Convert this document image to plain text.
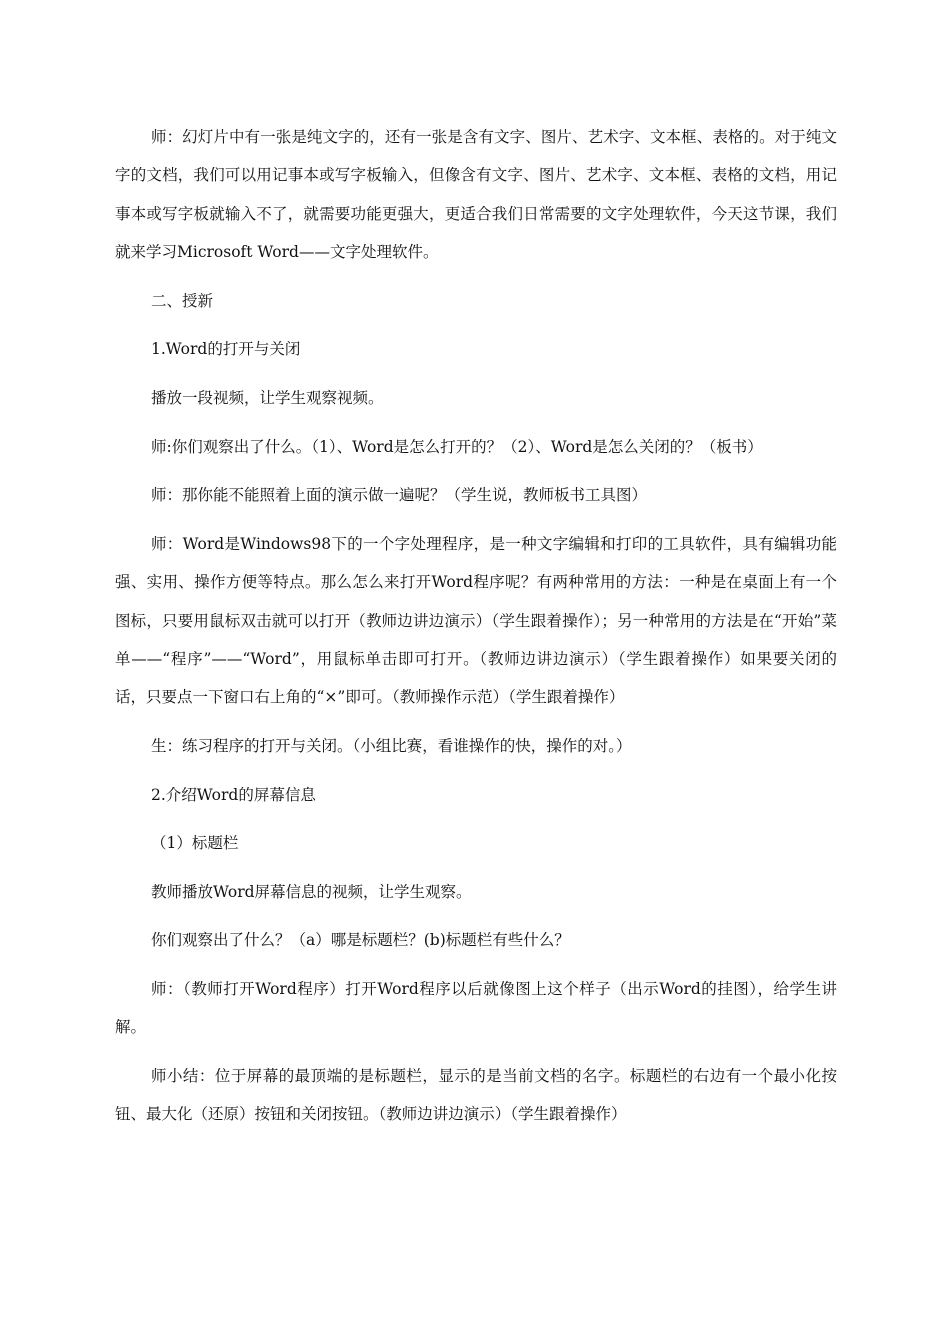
师：幻灯片中有一张是纯文字的，还有一张是含有文字、图片、艺术字、文本框、表格的。对于纯文字的文档，我们可以用记事本或写字板输入，但像含有文字、图片、艺术字、文本框、表格的文档，用记事本或写字板就输入不了，就需要功能更强大，更适合我们日常需要的文字处理软件，今天这节课，我们就来学习Microsoft Word——文字处理软件。

二、授新

1.Word的打开与关闭

播放一段视频，让学生观察视频。

师:你们观察出了什么。（1）、Word是怎么打开的？（2）、Word是怎么关闭的？（板书）

师：那你能不能照着上面的演示做一遍呢？（学生说，教师板书工具图）

师：Word是Windows98下的一个字处理程序，是一种文字编辑和打印的工具软件，具有编辑功能强、实用、操作方便等特点。那么怎么来打开Word程序呢？有两种常用的方法：一种是在桌面上有一个图标，只要用鼠标双击就可以打开（教师边讲边演示）（学生跟着操作）；另一种常用的方法是在“开始”菜单——“程序”——“Word”，用鼠标单击即可打开。（教师边讲边演示）（学生跟着操作）如果要关闭的话，只要点一下窗口右上角的“×”即可。（教师操作示范）（学生跟着操作）

生：练习程序的打开与关闭。（小组比赛，看谁操作的快，操作的对。）

2.介绍Word的屏幕信息

（1）标题栏

教师播放Word屏幕信息的视频，让学生观察。

你们观察出了什么？（a）哪是标题栏？(b)标题栏有些什么？

师：（教师打开Word程序）打开Word程序以后就像图上这个样子（出示Word的挂图），给学生讲解。

师小结：位于屏幕的最顶端的是标题栏，显示的是当前文档的名字。标题栏的右边有一个最小化按钮、最大化（还原）按钮和关闭按钮。（教师边讲边演示）（学生跟着操作）
